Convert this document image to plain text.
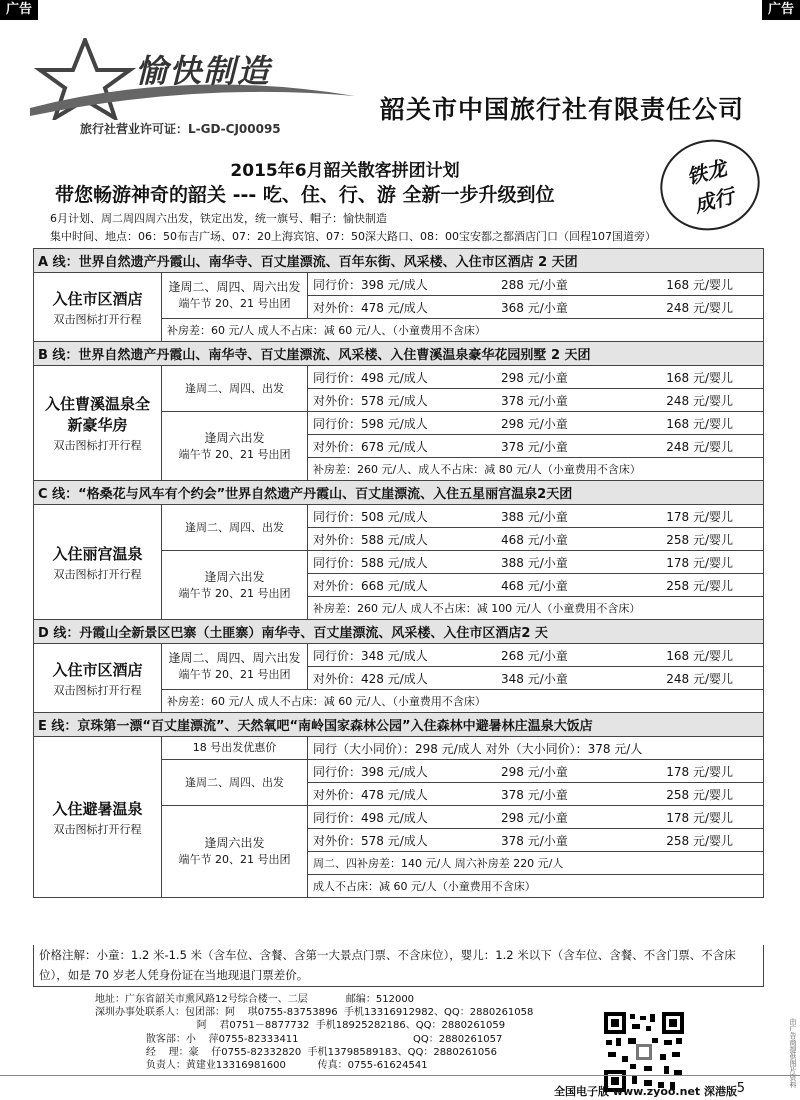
广告	广告
愉快制造
旅行社营业许可证：L-GD-CJ00095
韶关市中国旅行社有限责任公司
铁龙
成行
2015年6月韶关散客拼团计划
带您畅游神奇的韶关 --- 吃、住、行、游 全新一步升级到位
6月计划、周二周四周六出发，铁定出发，统一旗号、帽子：愉快制造
集中时间、地点：06：50布吉广场、07：20上海宾馆、07：50深大路口、08：00宝安都之都酒店门口（回程107国道旁）
A 线：世界自然遗产丹霞山、南华寺、百丈崖漂流、百年东街、风采楼、入住市区酒店 2 天团		

入住市区酒店
双击图标打开行程	逢周二、周四、周六出发
端午节 20、21 号出团	同行价：398 元/成人 288 元/小童 168 元/婴儿

		对外价：478 元/成人 368 元/小童 248 元/婴儿

	补房差：60 元/人 成人不占床：减 60 元/人、（小童费用不含床）	
B 线：世界自然遗产丹霞山、南华寺、百丈崖漂流、风采楼、入住曹溪温泉豪华花园别墅 2 天团		

入住曹溪温泉全新豪华房
双击图标打开行程	逢周二、周四、出发	同行价：498 元/成人 298 元/小童 168 元/婴儿

		对外价：578 元/成人 378 元/小童 248 元/婴儿

	逢周六出发
端午节 20、21 号出团	同行价：598 元/成人 298 元/小童 168 元/婴儿

		对外价：678 元/成人 378 元/小童 248 元/婴儿

		补房差：260 元/人、成人不占床：减 80 元/人（小童费用不含床）
C 线：“格桑花与风车有个约会”世界自然遗产丹霞山、百丈崖漂流、入住五星丽宫温泉2天团		

入住丽宫温泉
双击图标打开行程	逢周二、周四、出发	同行价：508 元/成人 388 元/小童 178 元/婴儿

		对外价：588 元/成人 468 元/小童 258 元/婴儿

	逢周六出发
端午节 20、21 号出团	同行价：588 元/成人 388 元/小童 178 元/婴儿

		对外价：668 元/成人 468 元/小童 258 元/婴儿

		补房差：260 元/人 成人不占床：减 100 元/人（小童费用不含床）
D 线：丹霞山全新景区巴寨（土匪寨）南华寺、百丈崖漂流、风采楼、入住市区酒店2 天		

入住市区酒店
双击图标打开行程	逢周二、周四、周六出发
端午节 20、21 号出团	同行价：348 元/成人 268 元/小童 168 元/婴儿

		对外价：428 元/成人 348 元/小童 248 元/婴儿

	补房差：60 元/人 成人不占床：减 60 元/人、（小童费用不含床）	
E 线：京珠第一漂“百丈崖漂流”、天然氧吧“南岭国家森林公园”入住森林中避暑林庄温泉大饭店		

入住避暑温泉
双击图标打开行程	18 号出发优惠价	同行（大小同价）：298 元/成人 对外（大小同价）：378 元/人
	逢周二、周四、出发	同行价：398 元/成人 298 元/小童 178 元/婴儿

		对外价：478 元/成人 378 元/小童 258 元/婴儿

	逢周六出发
端午节 20、21 号出团	同行价：498 元/成人 298 元/小童 178 元/婴儿

		对外价：578 元/成人 378 元/小童 258 元/婴儿

		周二、四补房差：140 元/人 周六补房差 220 元/人
		成人不占床：减 60 元/人（小童费用不含床）
价格注解：小童：1.2 米-1.5 米（含车位、含餐、含第一大景点门票、不含床位），婴儿：1.2 米以下（含车位、含餐、不含门票、不含床位），如是 70 岁老人凭身份证在当地现退门票差价。
地址：广东省韶关市熏风路12号综合楼一、二层            邮编：512000
深圳办事处联系人：包团部：阿    琪0755-83753896  手机13316912982、QQ：2880261058
阿    君0751－8877732  手机18925282186、QQ：2880261059
散客部：小    萍0755-82333411                                    QQ：2880261057
经    理：豪    仔0755-82332820  手机13798589183、QQ：2880261056
负责人：黄建业13316981600          传真：0755-61624541	由广告商提供图片资料
全国电子版 www.zyoo.net 深港版 5
